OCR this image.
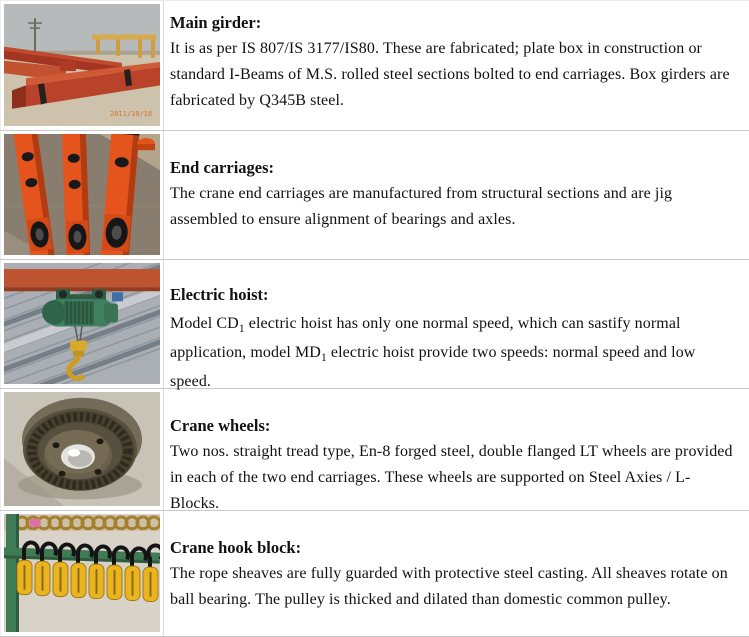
2011/10/18
Main girder:
It is as per IS 807/IS 3177/IS80. These are fabricated; plate box in construction or standard I-Beams of M.S. rolled steel sections bolted to end carriages. Box girders are fabricated by Q345B steel.
End carriages:
The crane end carriages are manufactured from structural sections and are jig assembled to ensure alignment of bearings and axles.
Electric hoist:
Model $CD_1$ electric hoist has only one normal speed, which can sastify normal application, model $MD_1$ electric hoist provide two speeds: normal speed and low speed.
Crane wheels:
Two nos. straight tread type, En-8 forged steel, double flanged LT wheels are provided in each of the two end carriages. These wheels are supported on Steel Axies / L- Blocks.
Crane hook block:
The rope sheaves are fully guarded with protective steel casting. All sheaves rotate on ball bearing. The pulley is thicked and dilated than domestic common pulley.
